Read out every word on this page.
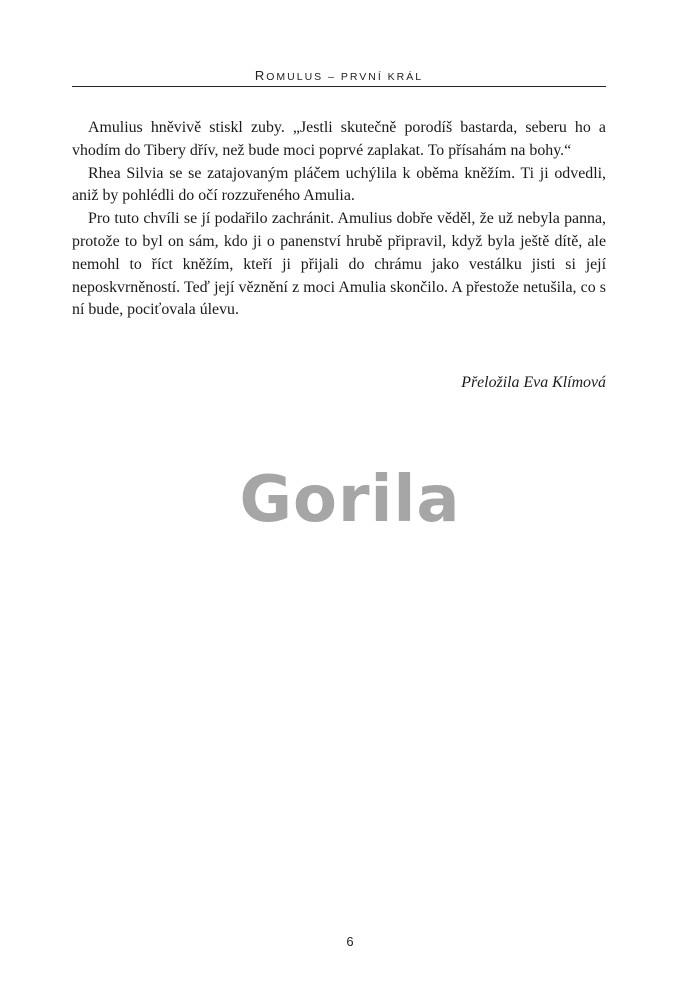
ROMULUS – PRVNÍ KRÁL

Amulius hněvivě stiskl zuby. „Jestli skutečně porodíš bastarda, seberu ho a vhodím do Tibery dřív, než bude moci poprvé zaplakat. To přísahám na bohy.“

Rhea Silvia se se zatajovaným pláčem uchýlila k oběma kněžím. Ti ji odvedli, aniž by pohlédli do očí rozzuřeného Amulia.

Pro tuto chvíli se jí podařilo zachránit. Amulius dobře věděl, že už nebyla panna, protože to byl on sám, kdo ji o panenství hrubě připravil, když byla ještě dítě, ale nemohl to říct kněžím, kteří ji přijali do chrámu jako vestálku jisti si její neposkvrněností. Teď její věznění z moci Amulia skončilo. A přestože netušila, co s ní bude, pociťovala úlevu.

Přeložila Eva Klímová
Gorila
6
